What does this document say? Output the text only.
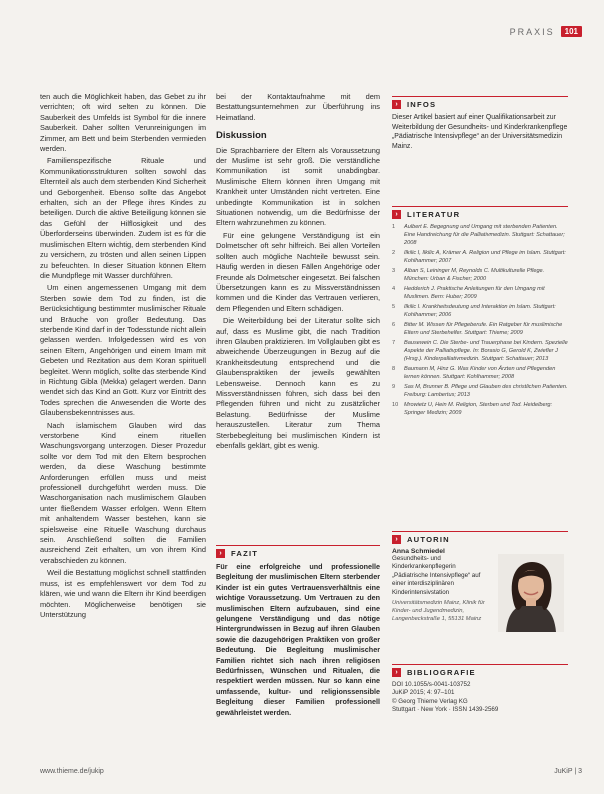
PRAXIS	101

ten auch die Möglichkeit haben, das Gebet zu ihr verrichten; oft wird selten zu können. Die Sauberkeit des Umfelds ist Symbol für die innere Sauberkeit. Daher sollten Verunreinigungen im Zimmer, am Bett und beim Sterbenden vermieden werden.

Familienspezifische Rituale und Kommunikationsstrukturen sollten sowohl das Elternteil als auch dem sterbenden Kind Sicherheit und Geborgenheit. Ebenso sollte das Angebot erhalten, sich an der Pflege ihres Kindes zu beteiligen. Durch die aktive Beteiligung können sie das Gefühl der Hilflosigkeit und des Überforderseins überwinden. Zudem ist es für die muslimischen Eltern wichtig, dem sterbenden Kind zu versichern, zu trösten und allen seinen Lippen zu befeuchten. In dieser Situation können Eltern die Mundpflege mit Wasser durchführen.

Um einen angemessenen Umgang mit dem Sterben sowie dem Tod zu finden, ist die Berücksichtigung bestimmter muslimischer Rituale und Bräuche von großer Bedeutung. Das sterbende Kind darf in der Todesstunde nicht allein gelassen werden. Infolgedessen wird es von seinen Eltern, Angehörigen und einem Imam mit Gebeten und Rezitation aus dem Koran spirituell begleitet. Wenn möglich, sollte das sterbende Kind in Richtung Gibla (Mekka) gelagert werden. Dann wendet sich das Kind an Gott. Kurz vor Eintritt des Todes sprechen die Anwesenden die Worte des Glaubensbekenntnisses aus.

Nach islamischem Glauben wird das verstorbene Kind einem rituellen Waschungsvorgang unterzogen. Dieser Prozedur sollte vor dem Tod mit den Eltern besprochen werden, da diese Waschung bestimmte Anforderungen erfüllen muss und meist professionell durchgeführt werden muss. Die Waschorganisation nach muslimischem Glauben unter fließendem Wasser erfolgen. Wenn Eltern mit anhaltendem Wasser bestehen, kann sie spielsweise eine Rituelle Waschung durchaus sein. Anschließend sollten die Familien ausreichend Zeit erhalten, um von ihrem Kind verabschieden zu können.

Weil die Bestattung möglichst schnell stattfinden muss, ist es empfehlenswert vor dem Tod zu klären, wie und wann die Eltern ihr Kind beerdigen möchten. Möglicherweise benötigen sie Unterstützung

bei der Kontaktaufnahme mit dem Bestattungsunternehmen zur Überführung ins Heimatland.

Diskussion

Die Sprachbarriere der Eltern als Voraussetzung der Muslime ist sehr groß. Die verständliche Kommunikation ist somit unabdingbar. Muslimische Eltern können ihren Umgang mit Krankheit unter Umständen nicht vertreten. Eine unbedingte Kommunikation ist in solchen Situationen notwendig, um die Bedürfnisse der Eltern wahrzunehmen zu können.

Für eine gelungene Verständigung ist ein Dolmetscher oft sehr hilfreich. Bei allen Vorteilen sollten auch mögliche Nachteile bewusst sein. Häufig werden in diesen Fällen Angehörige oder Freunde als Dolmetscher eingesetzt. Bei falschen Übersetzungen kann es zu Missverständnissen kommen und die Kinder das Vertrauen verlieren, dem Pflegenden und Eltern schädigen.

Die Weiterbildung bei der Literatur sollte sich auf, dass es Muslime gibt, die nach Tradition ihren Glauben praktizieren. Im Vollglauben gibt es abweichende Überzeugungen in Bezug auf die Krankheitsdeutung entsprechend und die Glaubenspraktiken der jeweils gewählten Lebensweise. Dennoch kann es zu Missverständnissen führen, sich dass bei den Pflegenden führen und nicht zu zusätzlicher Belastung. Bedürfnisse der Muslime herauszustellen. Literatur zum Thema Sterbebegleitung bei muslimischen Kindern ist ebenfalls geklärt, gibt es wenig.

›	FAZIT
Für eine erfolgreiche und professionelle Begleitung der muslimischen Eltern sterbender Kinder ist ein gutes Vertrauensverhältnis eine wichtige Voraussetzung. Um Vertrauen zu den muslimischen Eltern aufzubauen, sind eine gelungene Verständigung und das nötige Hintergrundwissen in Bezug auf ihren Glauben sowie die dazugehörigen Praktiken von großer Bedeutung. Die Begleitung muslimischer Familien richtet sich nach ihren religiösen Bedürfnissen, Wünschen und Ritualen, die respektiert werden müssen. Nur so kann eine umfassende, kultur- und religionssensible Begleitung dieser Familien professionell gewährleistet werden.
›	INFOS
Dieser Artikel basiert auf einer Qualifikationsarbeit zur Weiterbildung der Gesundheits- und Kinderkrankenpflege „Pädiatrische Intensivpflege“ an der Universitätsmedizin Mainz.
›	LITERATUR
1	Aulbert E. Begegnung und Umgang mit sterbenden Patienten. Eine Handreichung für die Palliativmedizin. Stuttgart: Schattauer; 2008
2	Ilkilic I, Ilkilic A, Krämer A. Religion und Pflege im Islam. Stuttgart: Kohlhammer; 2007
3	Alban S, Leininger M, Reynolds C. Multikulturelle Pflege. München: Urban & Fischer; 2000
4	Hedderich J. Praktische Anleitungen für den Umgang mit Muslimen. Bern: Huber; 2009
5	Ilkilic I. Krankheitsdeutung und Interaktion im Islam. Stuttgart: Kohlhammer; 2006
6	Bitter M. Wissen für Pflegeberufe. Ein Ratgeber für muslimische Eltern und Sterbehelfer. Stuttgart: Thieme; 2009
7	Bausewein C. Die Sterbe- und Trauerphase bei Kindern. Spezielle Aspekte der Palliativpflege. In: Borasio G, Gerold K, Zwiefler J (Hrsg.). Kinderpalliativmedizin. Stuttgart: Schattauer; 2013
8	Baumann M, Hinz G. Was Kinder von Ärzten und Pflegenden lernen können. Stuttgart: Kohlhammer; 2008
9	Sas M, Brunner B. Pflege und Glauben des christlichen Patienten. Freiburg: Lambertus; 2013
10	Mrowietz U, Hein M. Religion, Sterben und Tod. Heidelberg: Springer Medizin; 2009
›	AUTORIN
Anna Schmiedel
Gesundheits- und Kinderkrankenpflegerin „Pädiatrische Intensivpflege“ auf einer interdisziplinären Kinderintensivstation
Universitätsmedizin Mainz, Klinik für Kinder- und Jugendmedizin, Langenbeckstraße 1, 55131 Mainz
›	BIBLIOGRAFIE
DOI 10.1055/s-0041-103752
JuKiP 2015; 4: 97–101
© Georg Thieme Verlag KG
Stuttgart · New York · ISSN 1439-2569
www.thieme.de/jukip	JuKiP | 3
